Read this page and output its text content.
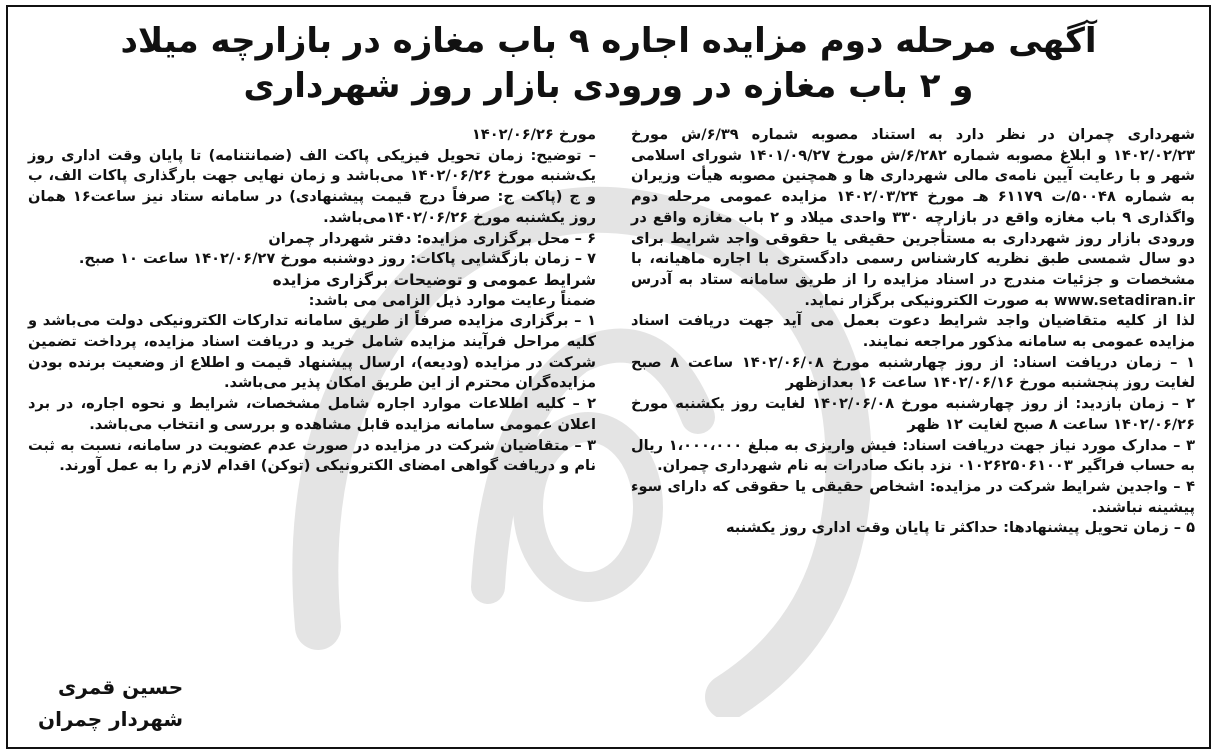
آگهی مرحله دوم مزایده اجاره ۹ باب مغازه در بازارچه میلاد
و ۲ باب مغازه در ورودی بازار روز شهرداری

شهرداری چمران در نظر دارد به استناد مصوبه شماره ۶/۳۹/ش مورخ ۱۴۰۲/۰۲/۲۳ و ابلاغ مصوبه شماره ۶/۲۸۲/ش مورخ ۱۴۰۱/۰۹/۲۷ شورای اسلامی شهر و با رعایت آیین نامه‌ی مالی شهرداری ها و همچنین مصوبه هیأت وزیران به شماره ۵۰۰۴۸/ت ۶۱۱۷۹ هـ مورخ ۱۴۰۲/۰۳/۲۴ مزایده عمومی مرحله دوم واگذاری ۹ باب مغازه واقع در بازارچه ۳۳۰ واحدی میلاد و ۲ باب مغازه واقع در ورودی بازار روز شهرداری به مستأجرین حقیقی یا حقوقی واجد شرایط برای دو سال شمسی طبق نظریه کارشناس رسمی دادگستری با اجاره ماهیانه، با مشخصات و جزئیات مندرج در اسناد مزایده را از طریق سامانه ستاد به آدرس www.setadiran.ir به صورت الکترونیکی برگزار نماید.

لذا از کلیه متقاضیان واجد شرایط دعوت بعمل می آید جهت دریافت اسناد مزایده عمومی به سامانه مذکور مراجعه نمایند.

۱ – زمان دریافت اسناد: از روز چهارشنبه مورخ ۱۴۰۲/۰۶/۰۸ ساعت ۸ صبح لغایت روز پنجشنبه مورخ ۱۴۰۲/۰۶/۱۶ ساعت ۱۶ بعدازظهر

۲ – زمان بازدید: از روز چهارشنبه مورخ ۱۴۰۲/۰۶/۰۸ لغایت روز یکشنبه مورخ ۱۴۰۲/۰۶/۲۶ ساعت ۸ صبح لغایت ۱۲ ظهر

۳ – مدارک مورد نیاز جهت دریافت اسناد: فیش واریزی به مبلغ ۱،۰۰۰،۰۰۰ ریال به حساب فراگیر ۰۱۰۲۶۲۵۰۶۱۰۰۳ نزد بانک صادرات به نام شهرداری چمران.

۴ – واجدین شرایط شرکت در مزایده: اشخاص حقیقی یا حقوقی که دارای سوء پیشینه نباشند.

۵ – زمان تحویل پیشنهادها: حداکثر تا پایان وقت اداری روز یکشنبه

مورخ ۱۴۰۲/۰۶/۲۶

– توضیح: زمان تحویل فیزیکی پاکت الف (ضمانتنامه) تا پایان وقت اداری روز یک‌شنبه مورخ ۱۴۰۲/۰۶/۲۶ می‌باشد و زمان نهایی جهت بارگذاری پاکات الف، ب و ج (پاکت ج: صرفاً درج قیمت پیشنهادی) در سامانه ستاد نیز ساعت۱۶ همان روز یکشنبه مورخ ۱۴۰۲/۰۶/۲۶می‌باشد.

۶ – محل برگزاری مزایده: دفتر شهردار چمران

۷ – زمان بازگشایی پاکات: روز دوشنبه مورخ ۱۴۰۲/۰۶/۲۷ ساعت ۱۰ صبح.

شرایط عمومی و توضیحات برگزاری مزایده

ضمناً رعایت موارد ذیل الزامی می باشد:

۱ – برگزاری مزایده صرفاً از طریق سامانه تدارکات الکترونیکی دولت می‌باشد و کلیه مراحل فرآیند مزایده شامل خرید و دریافت اسناد مزایده، پرداخت تضمین شرکت در مزایده (ودیعه)، ارسال پیشنهاد قیمت و اطلاع از وضعیت برنده بودن مزایده‌گران محترم از این طریق امکان پذیر می‌باشد.

۲ – کلیه اطلاعات موارد اجاره شامل مشخصات، شرایط و نحوه اجاره، در برد اعلان عمومی سامانه مزایده قابل مشاهده و بررسی و انتخاب می‌باشد.

۳ – متقاضیان شرکت در مزایده در صورت عدم عضویت در سامانه، نسبت به ثبت نام و دریافت گواهی امضای الکترونیکی (توکن) اقدام لازم را به عمل آورند.

حسین قمری
شهردار چمران
